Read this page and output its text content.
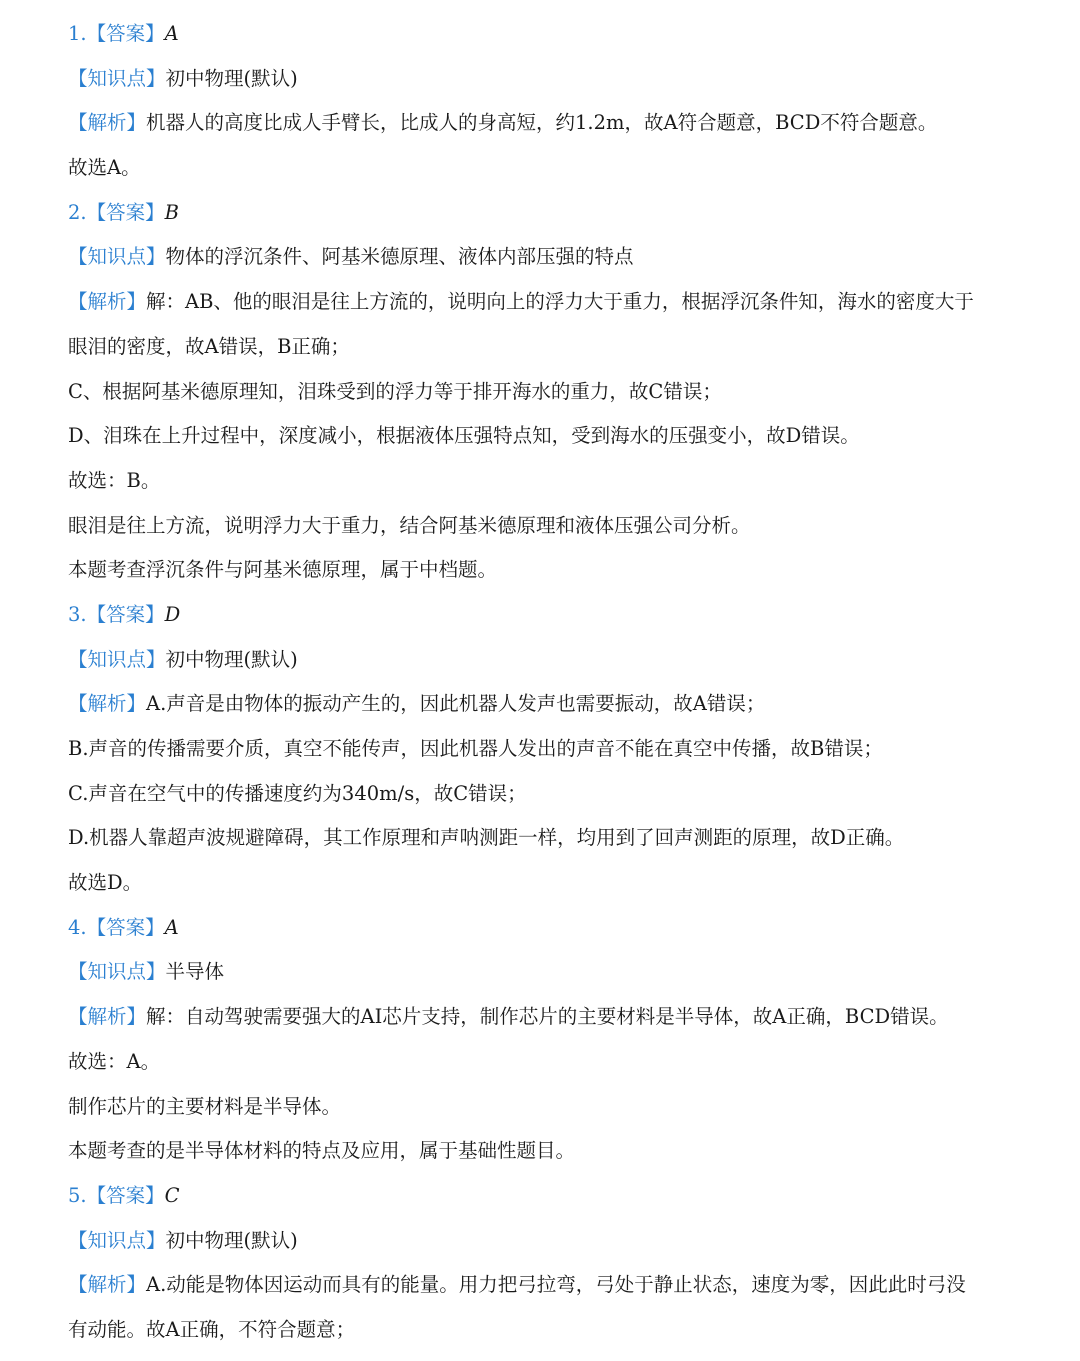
1.【答案】A
【知识点】初中物理(默认)
【解析】机器人的高度比成人手臂长，比成人的身高短，约1.2m，故A符合题意，BCD不符合题意。
故选A。
2.【答案】B
【知识点】物体的浮沉条件、阿基米德原理、液体内部压强的特点
【解析】解：AB、他的眼泪是往上方流的，说明向上的浮力大于重力，根据浮沉条件知，海水的密度大于
眼泪的密度，故A错误，B正确；
C、根据阿基米德原理知，泪珠受到的浮力等于排开海水的重力，故C错误；
D、泪珠在上升过程中，深度减小，根据液体压强特点知，受到海水的压强变小，故D错误。
故选：B。
眼泪是往上方流，说明浮力大于重力，结合阿基米德原理和液体压强公司分析。
本题考查浮沉条件与阿基米德原理，属于中档题。
3.【答案】D
【知识点】初中物理(默认)
【解析】A.声音是由物体的振动产生的，因此机器人发声也需要振动，故A错误；
B.声音的传播需要介质，真空不能传声，因此机器人发出的声音不能在真空中传播，故B错误；
C.声音在空气中的传播速度约为340m/s，故C错误；
D.机器人靠超声波规避障碍，其工作原理和声呐测距一样，均用到了回声测距的原理，故D正确。
故选D。
4.【答案】A
【知识点】半导体
【解析】解：自动驾驶需要强大的AI芯片支持，制作芯片的主要材料是半导体，故A正确，BCD错误。
故选：A。
制作芯片的主要材料是半导体。
本题考查的是半导体材料的特点及应用，属于基础性题目。
5.【答案】C
【知识点】初中物理(默认)
【解析】A.动能是物体因运动而具有的能量。用力把弓拉弯，弓处于静止状态，速度为零，因此此时弓没
有动能。故A正确，不符合题意；
